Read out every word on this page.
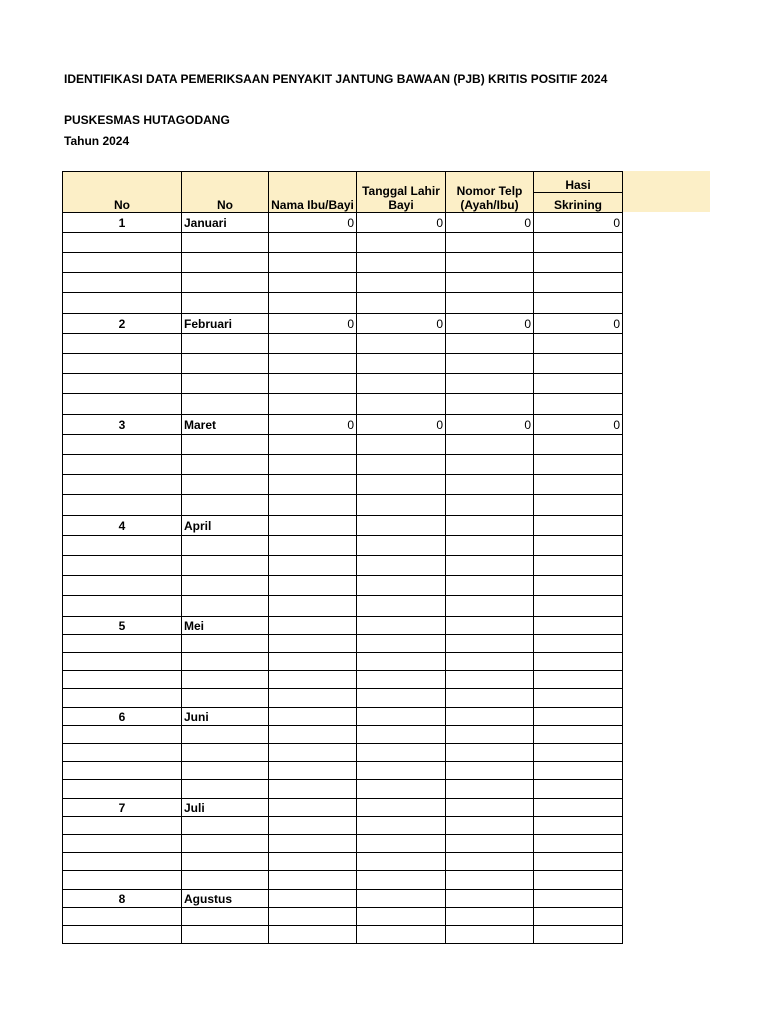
IDENTIFIKASI DATA PEMERIKSAAN PENYAKIT JANTUNG BAWAAN (PJB) KRITIS POSITIF 2024
PUSKESMAS HUTAGODANG
Tahun 2024
No	No	Nama Ibu/Bayi	Tanggal Lahir Bayi	Nomor Telp (Ayah/Ibu)	Hasi
					Skrining
1	Januari	0	0	0	0

2	Februari	0	0	0	0

3	Maret	0	0	0	0

4	April				

5	Mei				

6	Juni				

7	Juli				

8	Agustus				
